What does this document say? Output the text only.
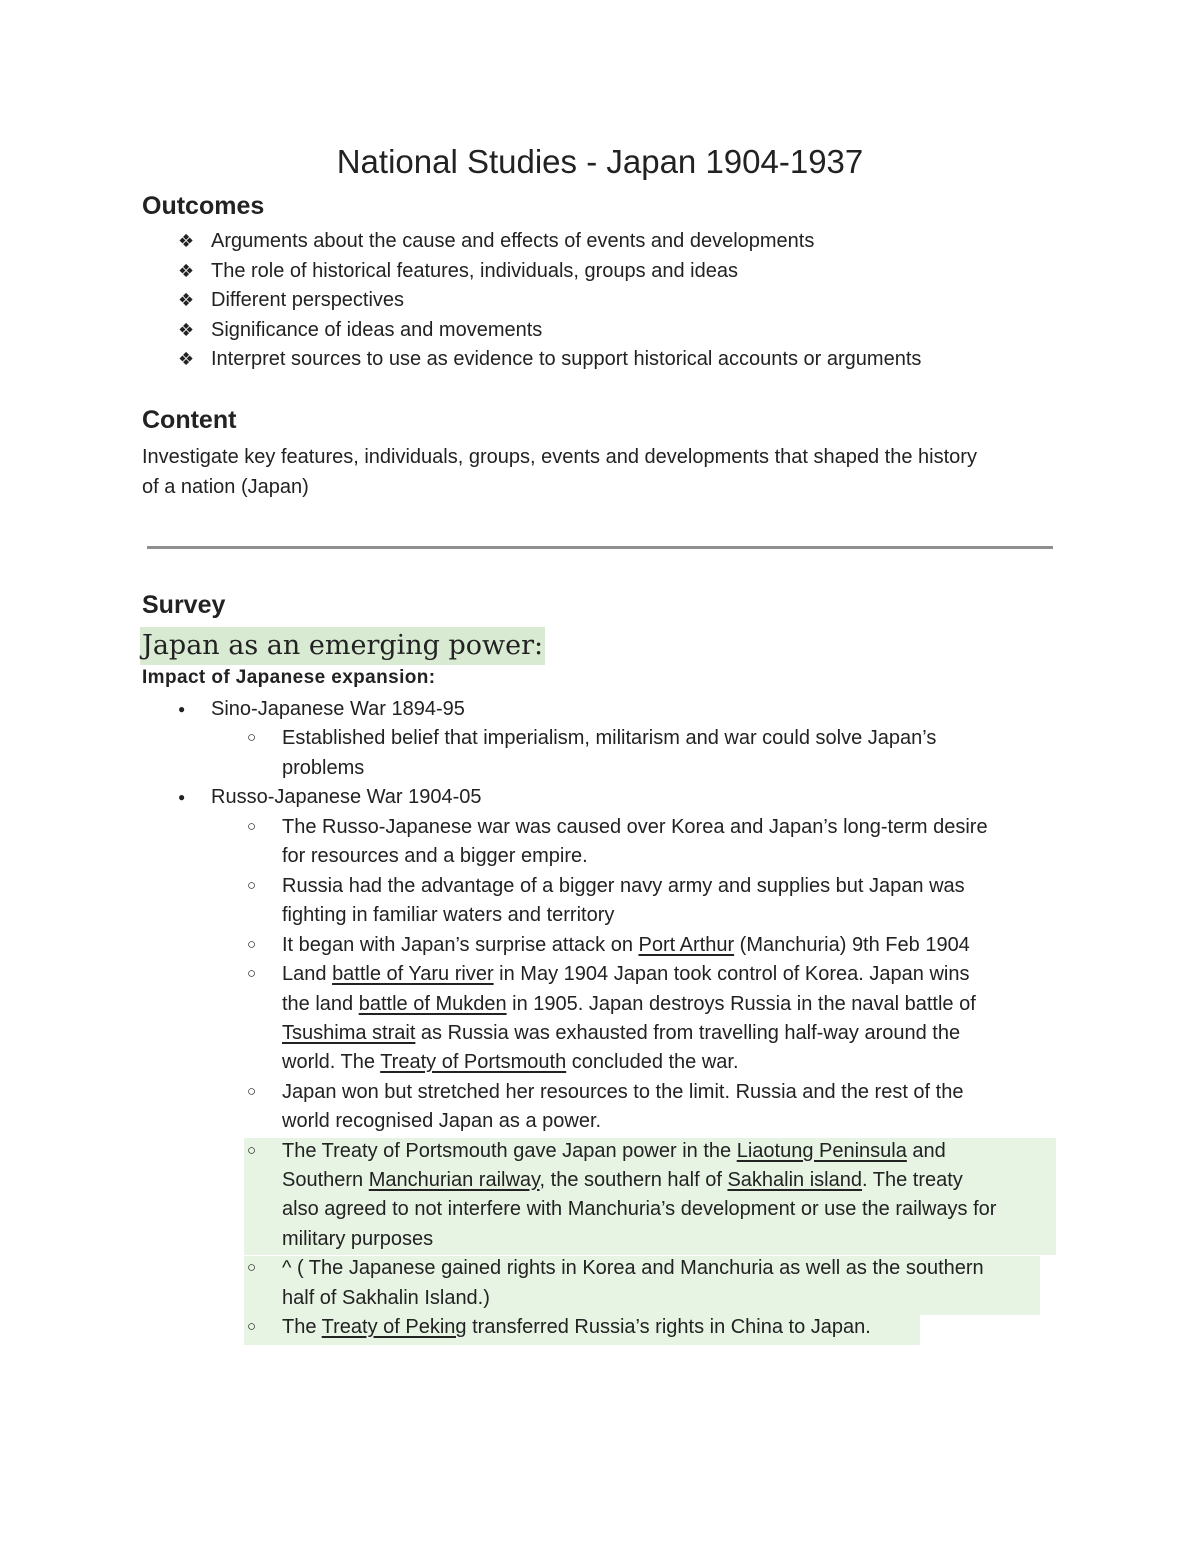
National Studies - Japan 1904-1937
Outcomes
❖ Arguments about the cause and effects of events and developments
❖ The role of historical features, individuals, groups and ideas
❖ Different perspectives
❖ Significance of ideas and movements
❖ Interpret sources to use as evidence to support historical accounts or arguments
Content
Investigate key features, individuals, groups, events and developments that shaped the history
of a nation (Japan)
Survey
Japan as an emerging power:
Impact of Japanese expansion:
● Sino-Japanese War 1894-95
○ Established belief that imperialism, militarism and war could solve Japan’s
problems
● Russo-Japanese War 1904-05
○ The Russo-Japanese war was caused over Korea and Japan’s long-term desire
for resources and a bigger empire.
○ Russia had the advantage of a bigger navy army and supplies but Japan was
fighting in familiar waters and territory
○ It began with Japan’s surprise attack on Port Arthur (Manchuria) 9th Feb 1904
○ Land battle of Yaru river in May 1904 Japan took control of Korea. Japan wins
the land battle of Mukden in 1905. Japan destroys Russia in the naval battle of
Tsushima strait as Russia was exhausted from travelling half-way around the
world. The Treaty of Portsmouth concluded the war.
○ Japan won but stretched her resources to the limit. Russia and the rest of the
world recognised Japan as a power.
○ The Treaty of Portsmouth gave Japan power in the Liaotung Peninsula and
Southern Manchurian railway, the southern half of Sakhalin island. The treaty
also agreed to not interfere with Manchuria’s development or use the railways for
military purposes
○ ^ ( The Japanese gained rights in Korea and Manchuria as well as the southern
half of Sakhalin Island.)
○ The Treaty of Peking transferred Russia’s rights in China to Japan.
